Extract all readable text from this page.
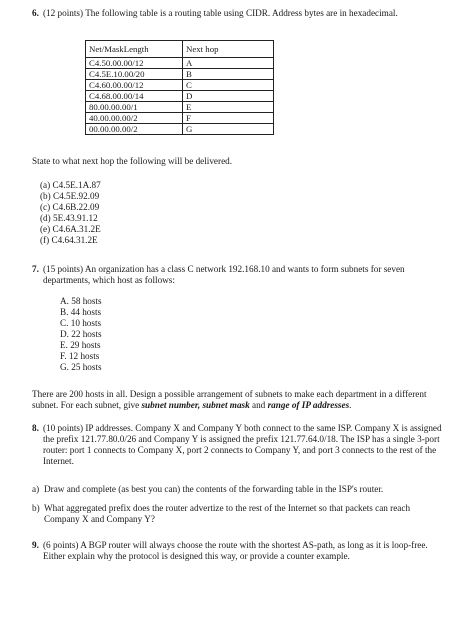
6. (12 points) The following table is a routing table using CIDR. Address bytes are in hexadecimal.
Net/MaskLength	Next hop
C4.50.00.00/12	A
C4.5E.10.00/20	B
C4.60.00.00/12	C
C4.68.00.00/14	D
80.00.00.00/1	E
40.00.00.00/2	F
00.00.00.00/2	G
State to what next hop the following will be delivered.
(a) C4.5E.1A.87
(b) C4.5E.92.09
(c) C4.6B.22.09
(d) 5E.43.91.12
(e) C4.6A.31.2E
(f) C4.64.31.2E
7. (15 points) An organization has a class C network 192.168.10 and wants to form subnets for seven departments, which host as follows:
A. 58 hosts
B. 44 hosts
C. 10 hosts
D. 22 hosts
E. 29 hosts
F. 12 hosts
G. 25 hosts
There are 200 hosts in all. Design a possible arrangement of subnets to make each department in a different subnet. For each subnet, give subnet number, subnet mask and range of IP addresses.
8. (10 points) IP addresses. Company X and Company Y both connect to the same ISP. Company X is assigned the prefix 121.77.80.0/26 and Company Y is assigned the prefix 121.77.64.0/18. The ISP has a single 3-port router: port 1 connects to Company X, port 2 connects to Company Y, and port 3 connects to the rest of the Internet.
a) Draw and complete (as best you can) the contents of the forwarding table in the ISP's router.
b) What aggregated prefix does the router advertize to the rest of the Internet so that packets can reach Company X and Company Y?
9. (6 points) A BGP router will always choose the route with the shortest AS-path, as long as it is loop-free. Either explain why the protocol is designed this way, or provide a counter example.
